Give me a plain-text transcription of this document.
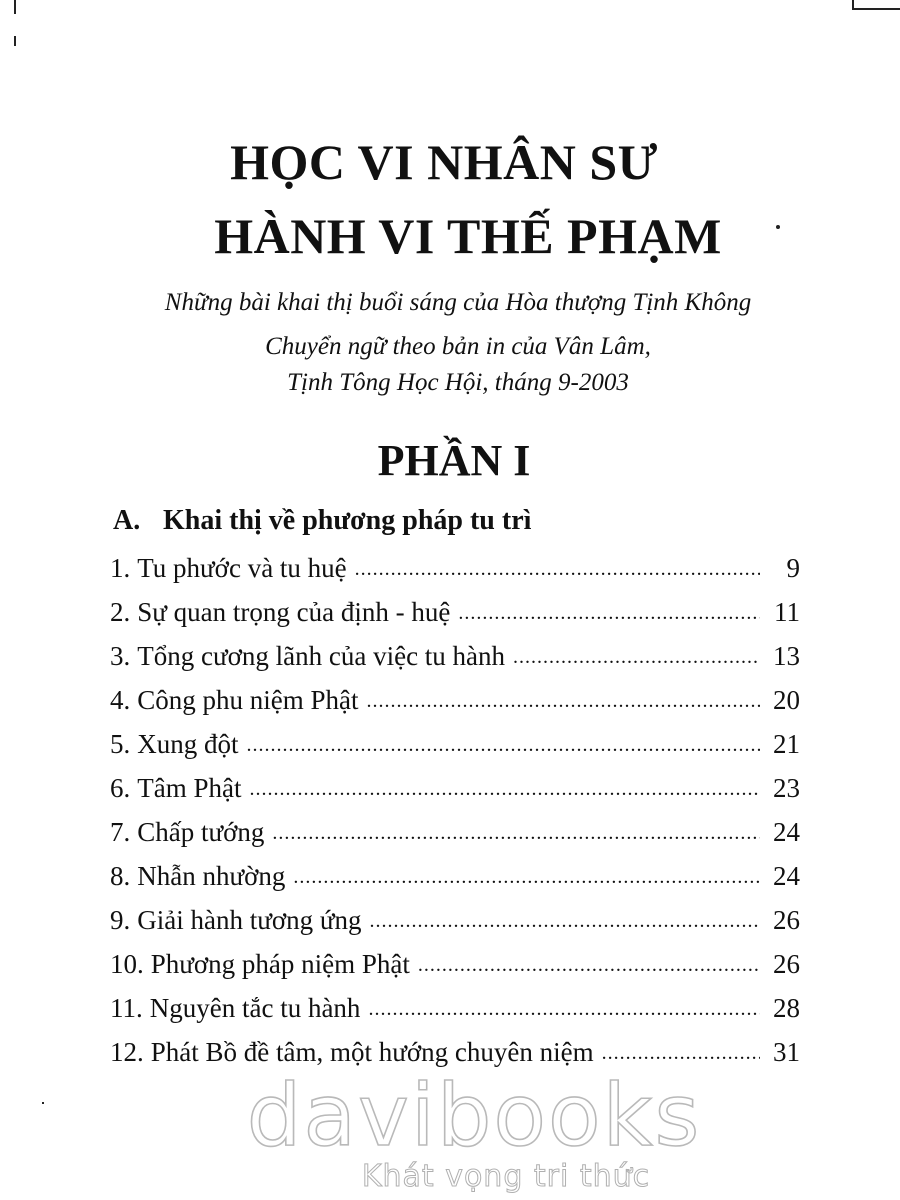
HỌC VI NHÂN SƯ
HÀNH VI THẾ PHẠM
Những bài khai thị buổi sáng của Hòa thượng Tịnh Không
Chuyển ngữ theo bản in của Vân Lâm,
Tịnh Tông Học Hội, tháng 9-2003
PHẦN I
A. Khai thị về phương pháp tu trì
1. Tu phước và tu huệ .....	9
2. Sự quan trọng của định - huệ .....	11
3. Tổng cương lãnh của việc tu hành .....	13
4. Công phu niệm Phật .....	20
5. Xung đột .....	21
6. Tâm Phật .....	23
7. Chấp tướng .....	24
8. Nhẫn nhường .....	24
9. Giải hành tương ứng .....	26
10. Phương pháp niệm Phật .....	26
11. Nguyên tắc tu hành .....	28
12. Phát Bồ đề tâm, một hướng chuyên niệm .....	31
davibooks
Khát vọng tri thức
